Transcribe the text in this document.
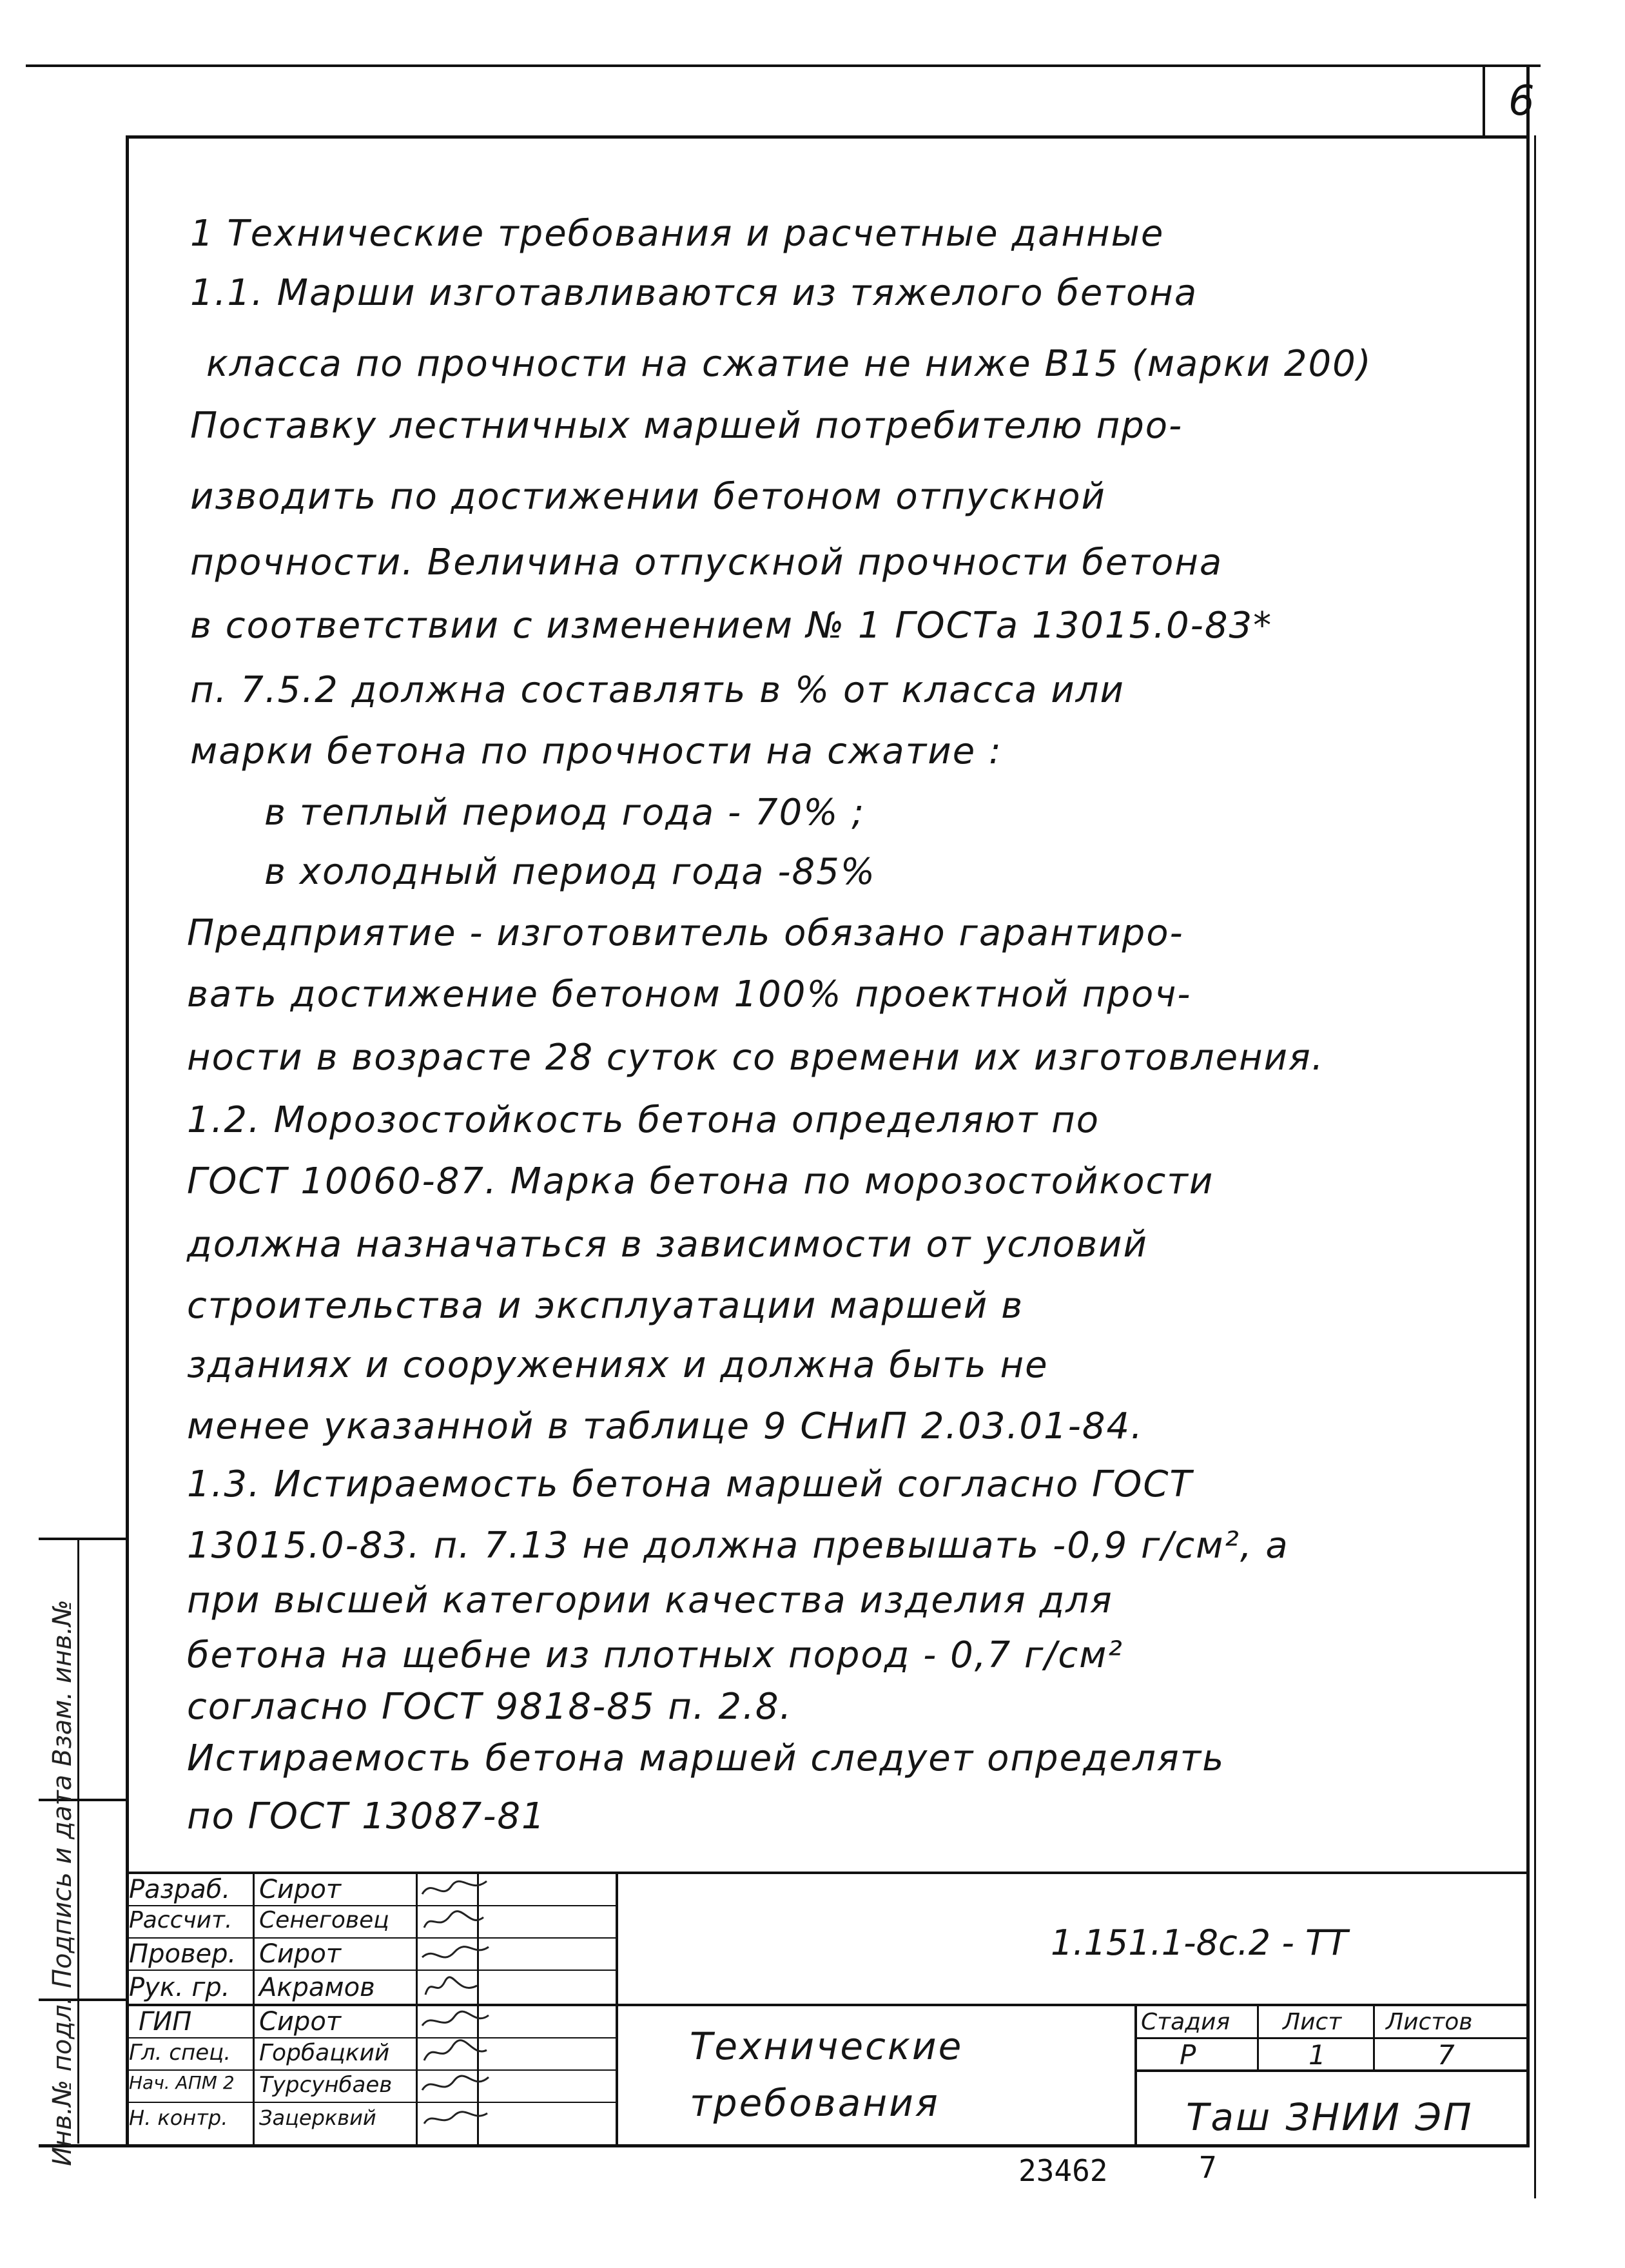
6
Инв.№ подл. Подпись и дата Взам. инв.№
1 Технические требования и расчетные данные
1.1. Марши изготавливаются из тяжелого бетона
класса по прочности на сжатие не ниже В15 (марки 200)
Поставку лестничных маршей потребителю про-
изводить по достижении бетоном отпускной
прочности. Величина отпускной прочности бетона
в соответствии с изменением № 1 ГОСТа 13015.0-83*
п. 7.5.2 должна составлять в % от класса или
марки бетона по прочности на сжатие :
в теплый период года - 70% ;
в холодный период года -85%
Предприятие - изготовитель обязано гарантиро-
вать достижение бетоном 100% проектной проч-
ности в возрасте 28 суток со времени их изготовления.
1.2. Морозостойкость бетона определяют по
ГОСТ 10060-87. Марка бетона по морозостойкости
должна назначаться в зависимости от условий
строительства и эксплуатации маршей в
зданиях и сооружениях и должна быть не
менее указанной в таблице 9 СНиП 2.03.01-84.
1.3. Истираемость бетона маршей согласно ГОСТ
13015.0-83. п. 7.13 не должна превышать -0,9 г/см², а
при высшей категории качества изделия для
бетона на щебне из плотных пород - 0,7 г/см²
согласно ГОСТ 9818-85 п. 2.8.
Истираемость бетона маршей следует определять
по ГОСТ 13087-81
Разраб. Сирот
Рассчит. Сенеговец
Провер. Сирот
Рук. гр. Акрамов
ГИП	Сирот
Гл. спец. Горбацкий
Нач. АПМ 2 Турсунбаев
Н. контр. Зацерквий
1.151.1-8с.2 - ТТ
Технические
требования
Стадия Лист Листов
Р	1	7
Таш ЗНИИ ЭП
23462	7
